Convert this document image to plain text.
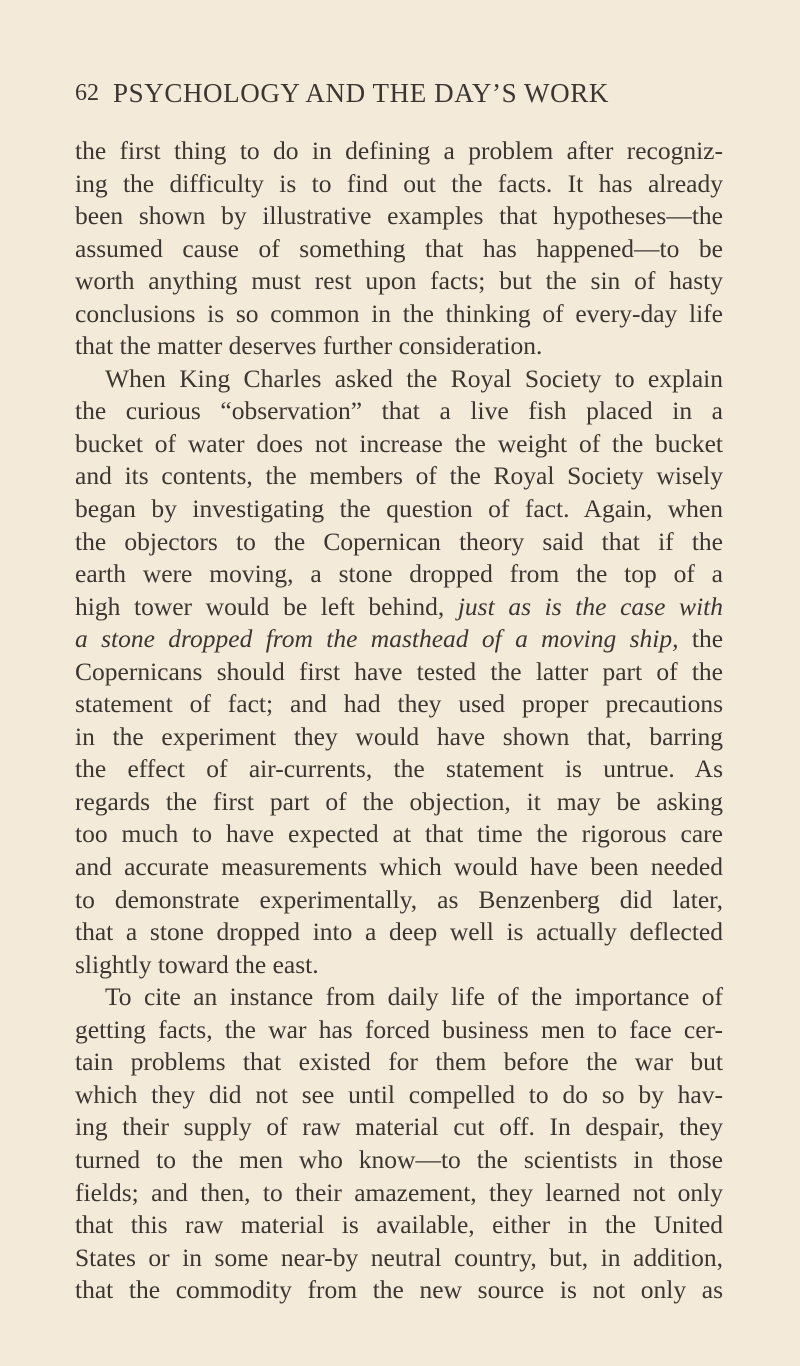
62 PSYCHOLOGY AND THE DAY’S WORK
the first thing to do in defining a problem after recogniz-
ing the difficulty is to find out the facts. It has already
been shown by illustrative examples that hypotheses—the
assumed cause of something that has happened—to be
worth anything must rest upon facts; but the sin of hasty
conclusions is so common in the thinking of every-day life
that the matter deserves further consideration.
When King Charles asked the Royal Society to explain
the curious “observation” that a live fish placed in a
bucket of water does not increase the weight of the bucket
and its contents, the members of the Royal Society wisely
began by investigating the question of fact. Again, when
the objectors to the Copernican theory said that if the
earth were moving, a stone dropped from the top of a
high tower would be left behind, just as is the case with
a stone dropped from the masthead of a moving ship, the
Copernicans should first have tested the latter part of the
statement of fact; and had they used proper precautions
in the experiment they would have shown that, barring
the effect of air-currents, the statement is untrue. As
regards the first part of the objection, it may be asking
too much to have expected at that time the rigorous care
and accurate measurements which would have been needed
to demonstrate experimentally, as Benzenberg did later,
that a stone dropped into a deep well is actually deflected
slightly toward the east.
To cite an instance from daily life of the importance of
getting facts, the war has forced business men to face cer-
tain problems that existed for them before the war but
which they did not see until compelled to do so by hav-
ing their supply of raw material cut off. In despair, they
turned to the men who know—to the scientists in those
fields; and then, to their amazement, they learned not only
that this raw material is available, either in the United
States or in some near-by neutral country, but, in addition,
that the commodity from the new source is not only as
